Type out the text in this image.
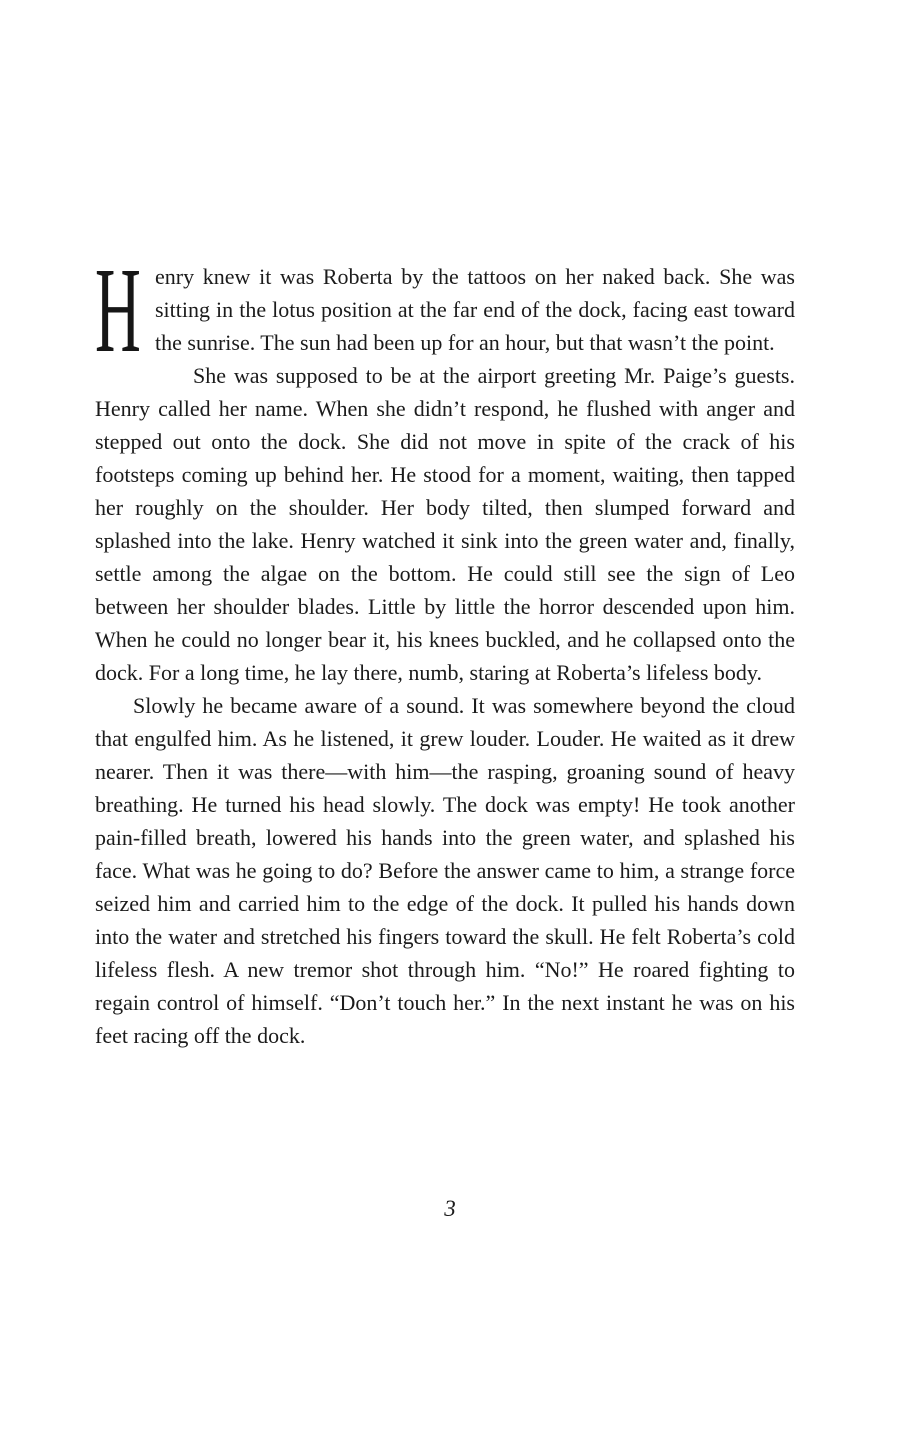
Henry knew it was Roberta by the tattoos on her naked back. She was sitting in the lotus position at the far end of the dock, facing east toward the sunrise. The sun had been up for an hour, but that wasn’t the point.

She was supposed to be at the airport greeting Mr. Paige’s guests. Henry called her name. When she didn’t respond, he flushed with anger and stepped out onto the dock. She did not move in spite of the crack of his footsteps coming up behind her. He stood for a moment, waiting, then tapped her roughly on the shoulder. Her body tilted, then slumped forward and splashed into the lake. Henry watched it sink into the green water and, finally, settle among the algae on the bottom. He could still see the sign of Leo between her shoulder blades. Little by little the horror descended upon him. When he could no longer bear it, his knees buckled, and he collapsed onto the dock. For a long time, he lay there, numb, staring at Roberta’s lifeless body.

Slowly he became aware of a sound. It was somewhere beyond the cloud that engulfed him. As he listened, it grew louder. Louder. He waited as it drew nearer. Then it was there—with him—the rasping, groaning sound of heavy breathing. He turned his head slowly. The dock was empty! He took another pain-filled breath, lowered his hands into the green water, and splashed his face. What was he going to do? Before the answer came to him, a strange force seized him and carried him to the edge of the dock. It pulled his hands down into the water and stretched his fingers toward the skull. He felt Roberta’s cold lifeless flesh. A new tremor shot through him. “No!” He roared fighting to regain control of himself. “Don’t touch her.” In the next instant he was on his feet racing off the dock.

3
